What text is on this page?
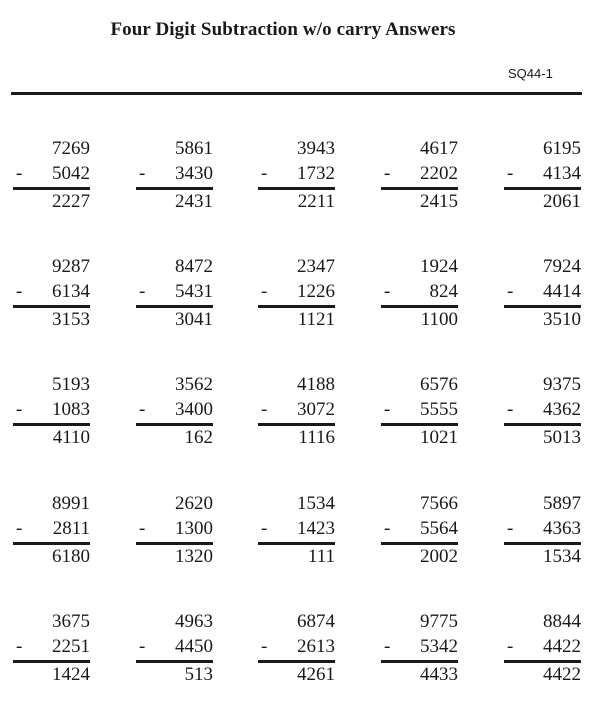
Four Digit Subtraction w/o carry Answers
SQ44-1
7269
- 5042
2227
5861
- 3430
2431
3943
- 1732
2211
4617
- 2202
2415
6195
- 4134
2061
9287
- 6134
3153
8472
- 5431
3041
2347
- 1226
1121
1924
- 824
1100
7924
- 4414
3510
5193
- 1083
4110
3562
- 3400
162
4188
- 3072
1116
6576
- 5555
1021
9375
- 4362
5013
8991
- 2811
6180
2620
- 1300
1320
1534
- 1423
111
7566
- 5564
2002
5897
- 4363
1534
3675
- 2251
1424
4963
- 4450
513
6874
- 2613
4261
9775
- 5342
4433
8844
- 4422
4422
